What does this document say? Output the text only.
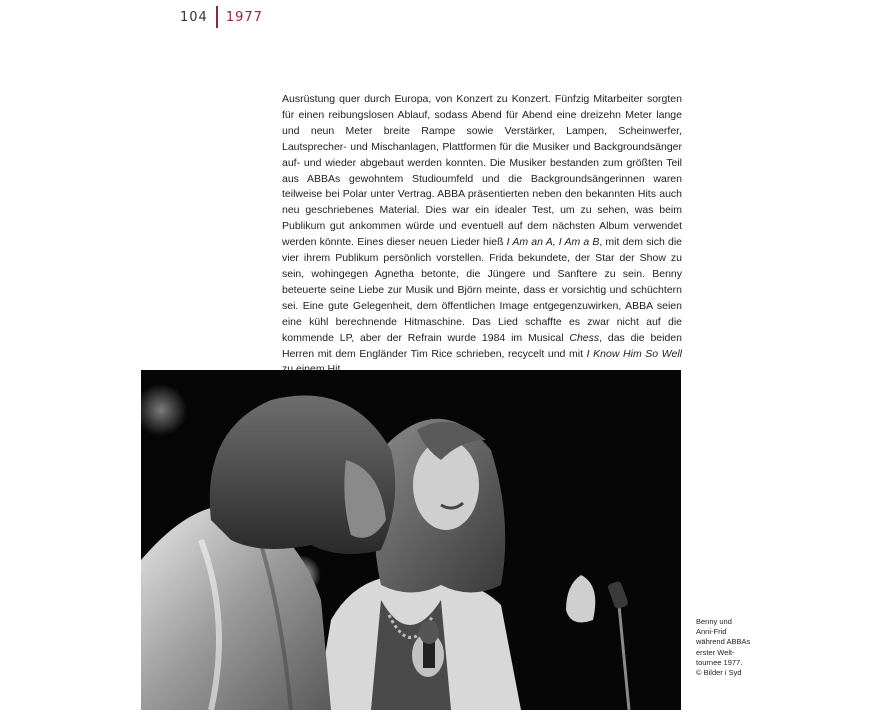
104 1977

Ausrüstung quer durch Europa, von Konzert zu Konzert. Fünfzig Mitarbeiter sorgten für einen reibungslosen Ablauf, sodass Abend für Abend eine dreizehn Meter lange und neun Meter breite Rampe sowie Verstärker, Lampen, Scheinwerfer, Lautsprecher- und Mischanlagen, Plattformen für die Musiker und Backgroundsänger auf- und wieder abgebaut werden konnten. Die Musiker bestanden zum größten Teil aus ABBAs gewohntem Studioumfeld und die Backgroundsängerinnen waren teilweise bei Polar unter Vertrag. ABBA präsentierten neben den bekannten Hits auch neu geschriebenes Material. Dies war ein idealer Test, um zu sehen, was beim Publikum gut ankommen würde und eventuell auf dem nächsten Album verwendet werden könnte. Eines dieser neuen Lieder hieß I Am an A, I Am a B, mit dem sich die vier ihrem Publikum persönlich vorstellen. Frida bekundete, der Star der Show zu sein, wohingegen Agnetha betonte, die Jüngere und Sanftere zu sein. Benny beteuerte seine Liebe zur Musik und Björn meinte, dass er vorsichtig und schüchtern sei. Eine gute Gelegenheit, dem öffentlichen Image entgegenzuwirken, ABBA seien eine kühl berechnende Hitmaschine. Das Lied schaffte es zwar nicht auf die kommende LP, aber der Refrain wurde 1984 im Musical Chess, das die beiden Herren mit dem Engländer Tim Rice schrieben, recycelt und mit I Know Him So Well

Benny und
Anni-Frid
während ABBAs
erster Welt-
tournee 1977.
© Bilder i Syd
